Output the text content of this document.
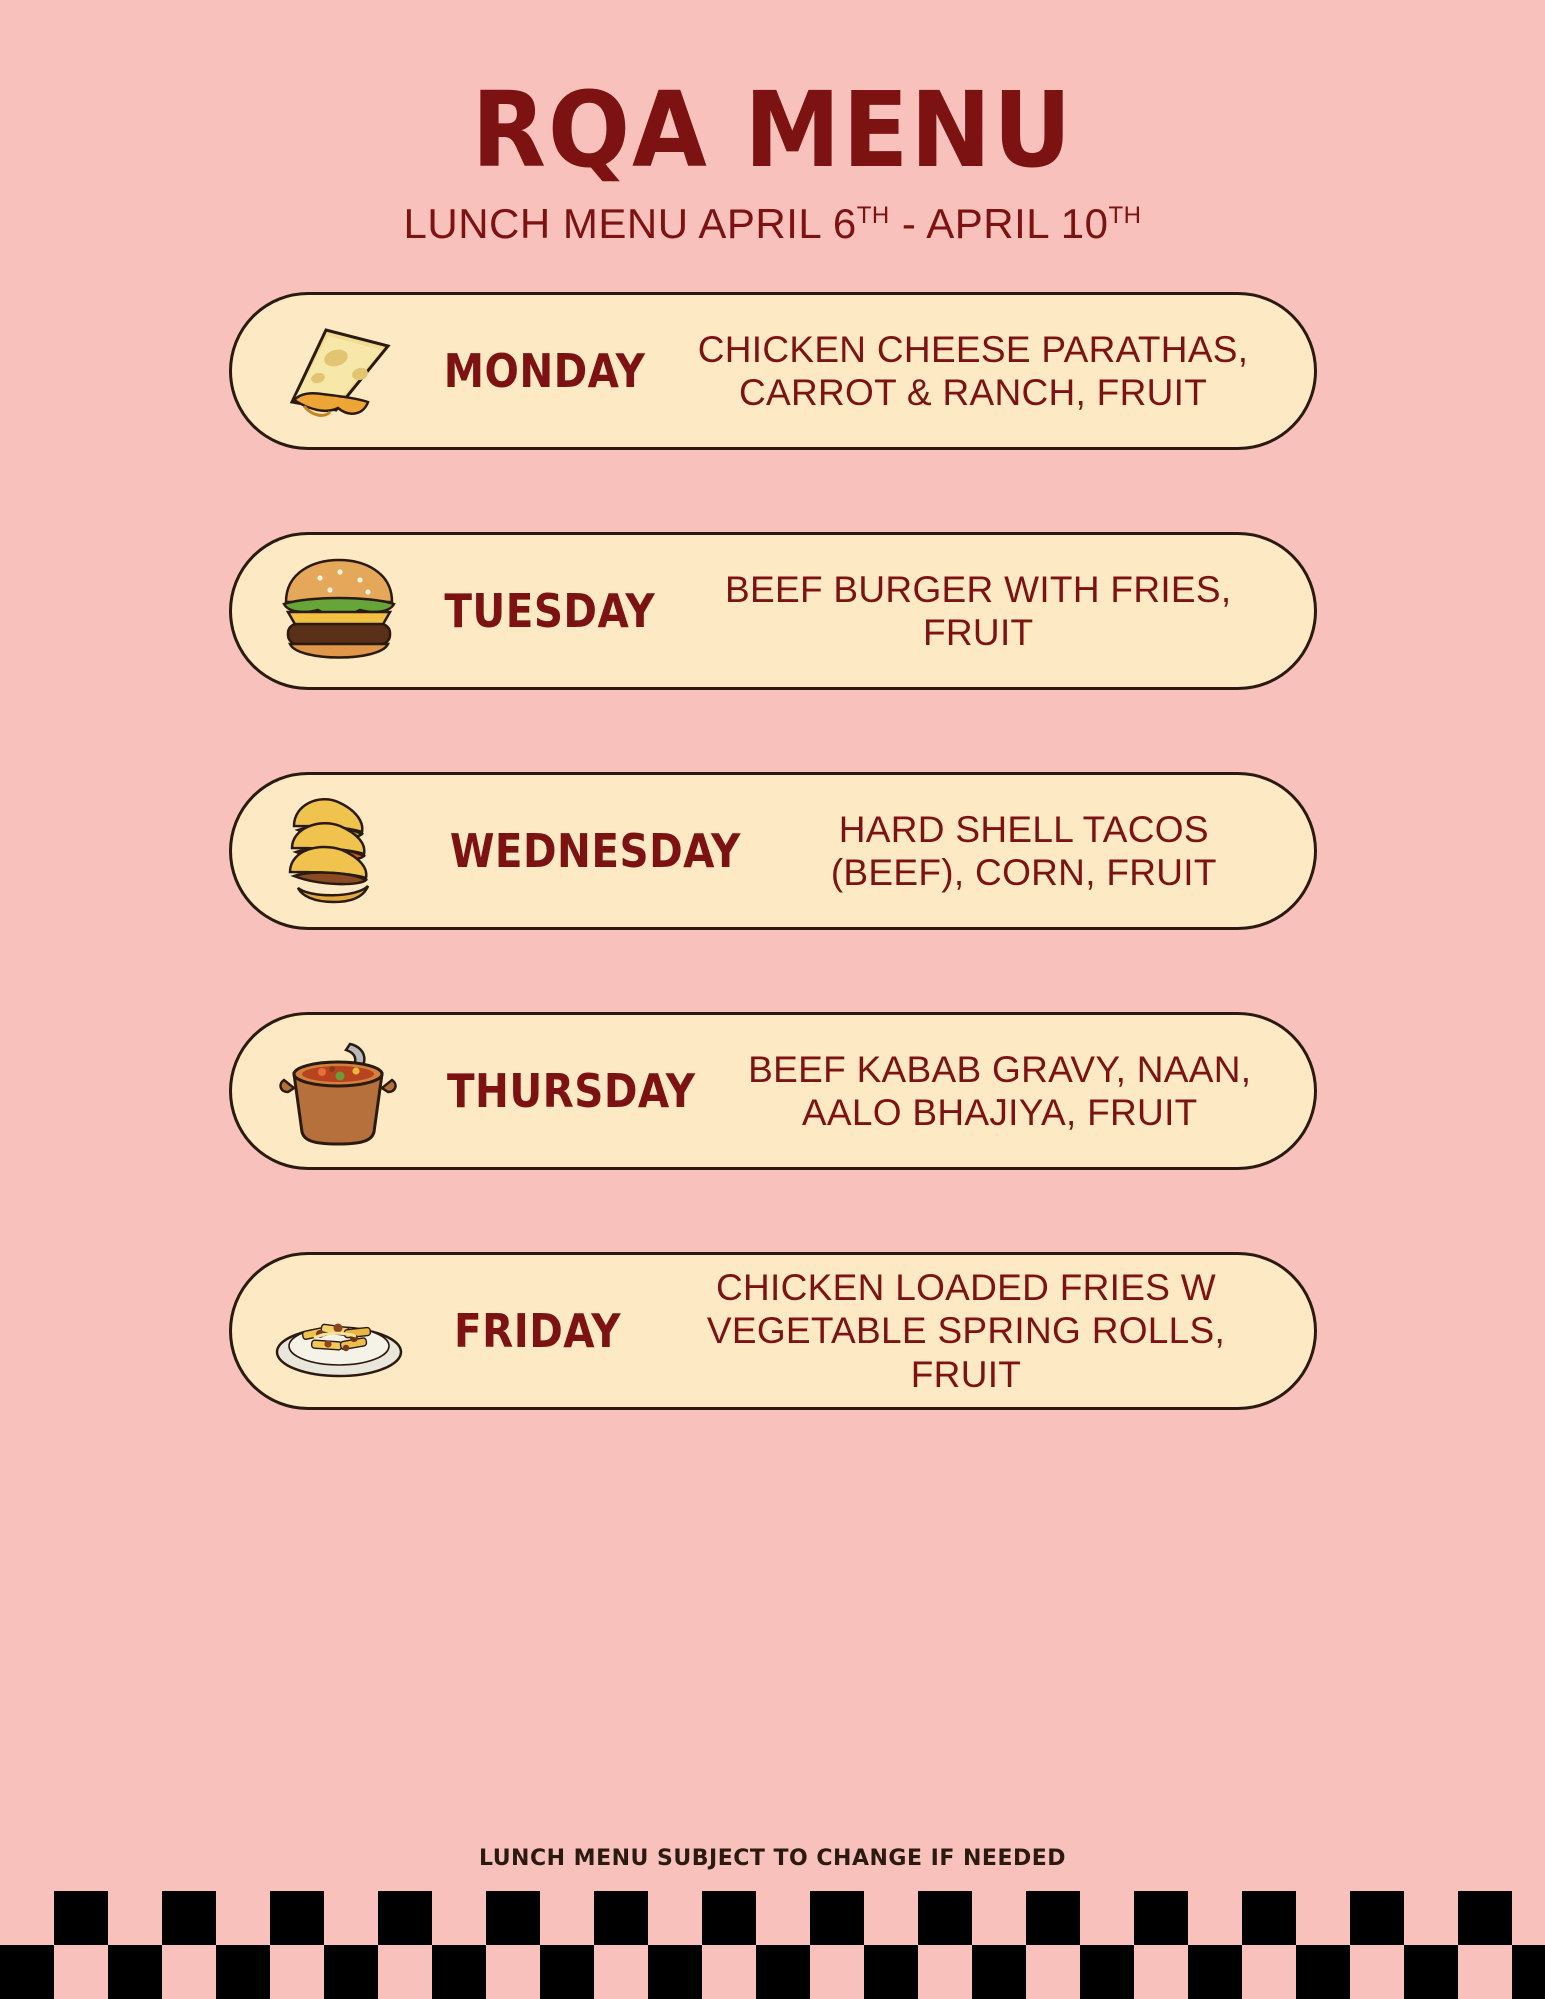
RQA MENU

LUNCH MENU APRIL 6TH - APRIL 10TH

MONDAY	CHICKEN CHEESE PARATHAS, CARROT & RANCH, FRUIT
TUESDAY	BEEF BURGER WITH FRIES, FRUIT
WEDNESDAY	HARD SHELL TACOS (BEEF), CORN, FRUIT
THURSDAY	BEEF KABAB GRAVY, NAAN, AALO BHAJIYA, FRUIT
FRIDAY
CHICKEN LOADED FRIES W VEGETABLE SPRING ROLLS, FRUIT
LUNCH MENU SUBJECT TO CHANGE IF NEEDED
